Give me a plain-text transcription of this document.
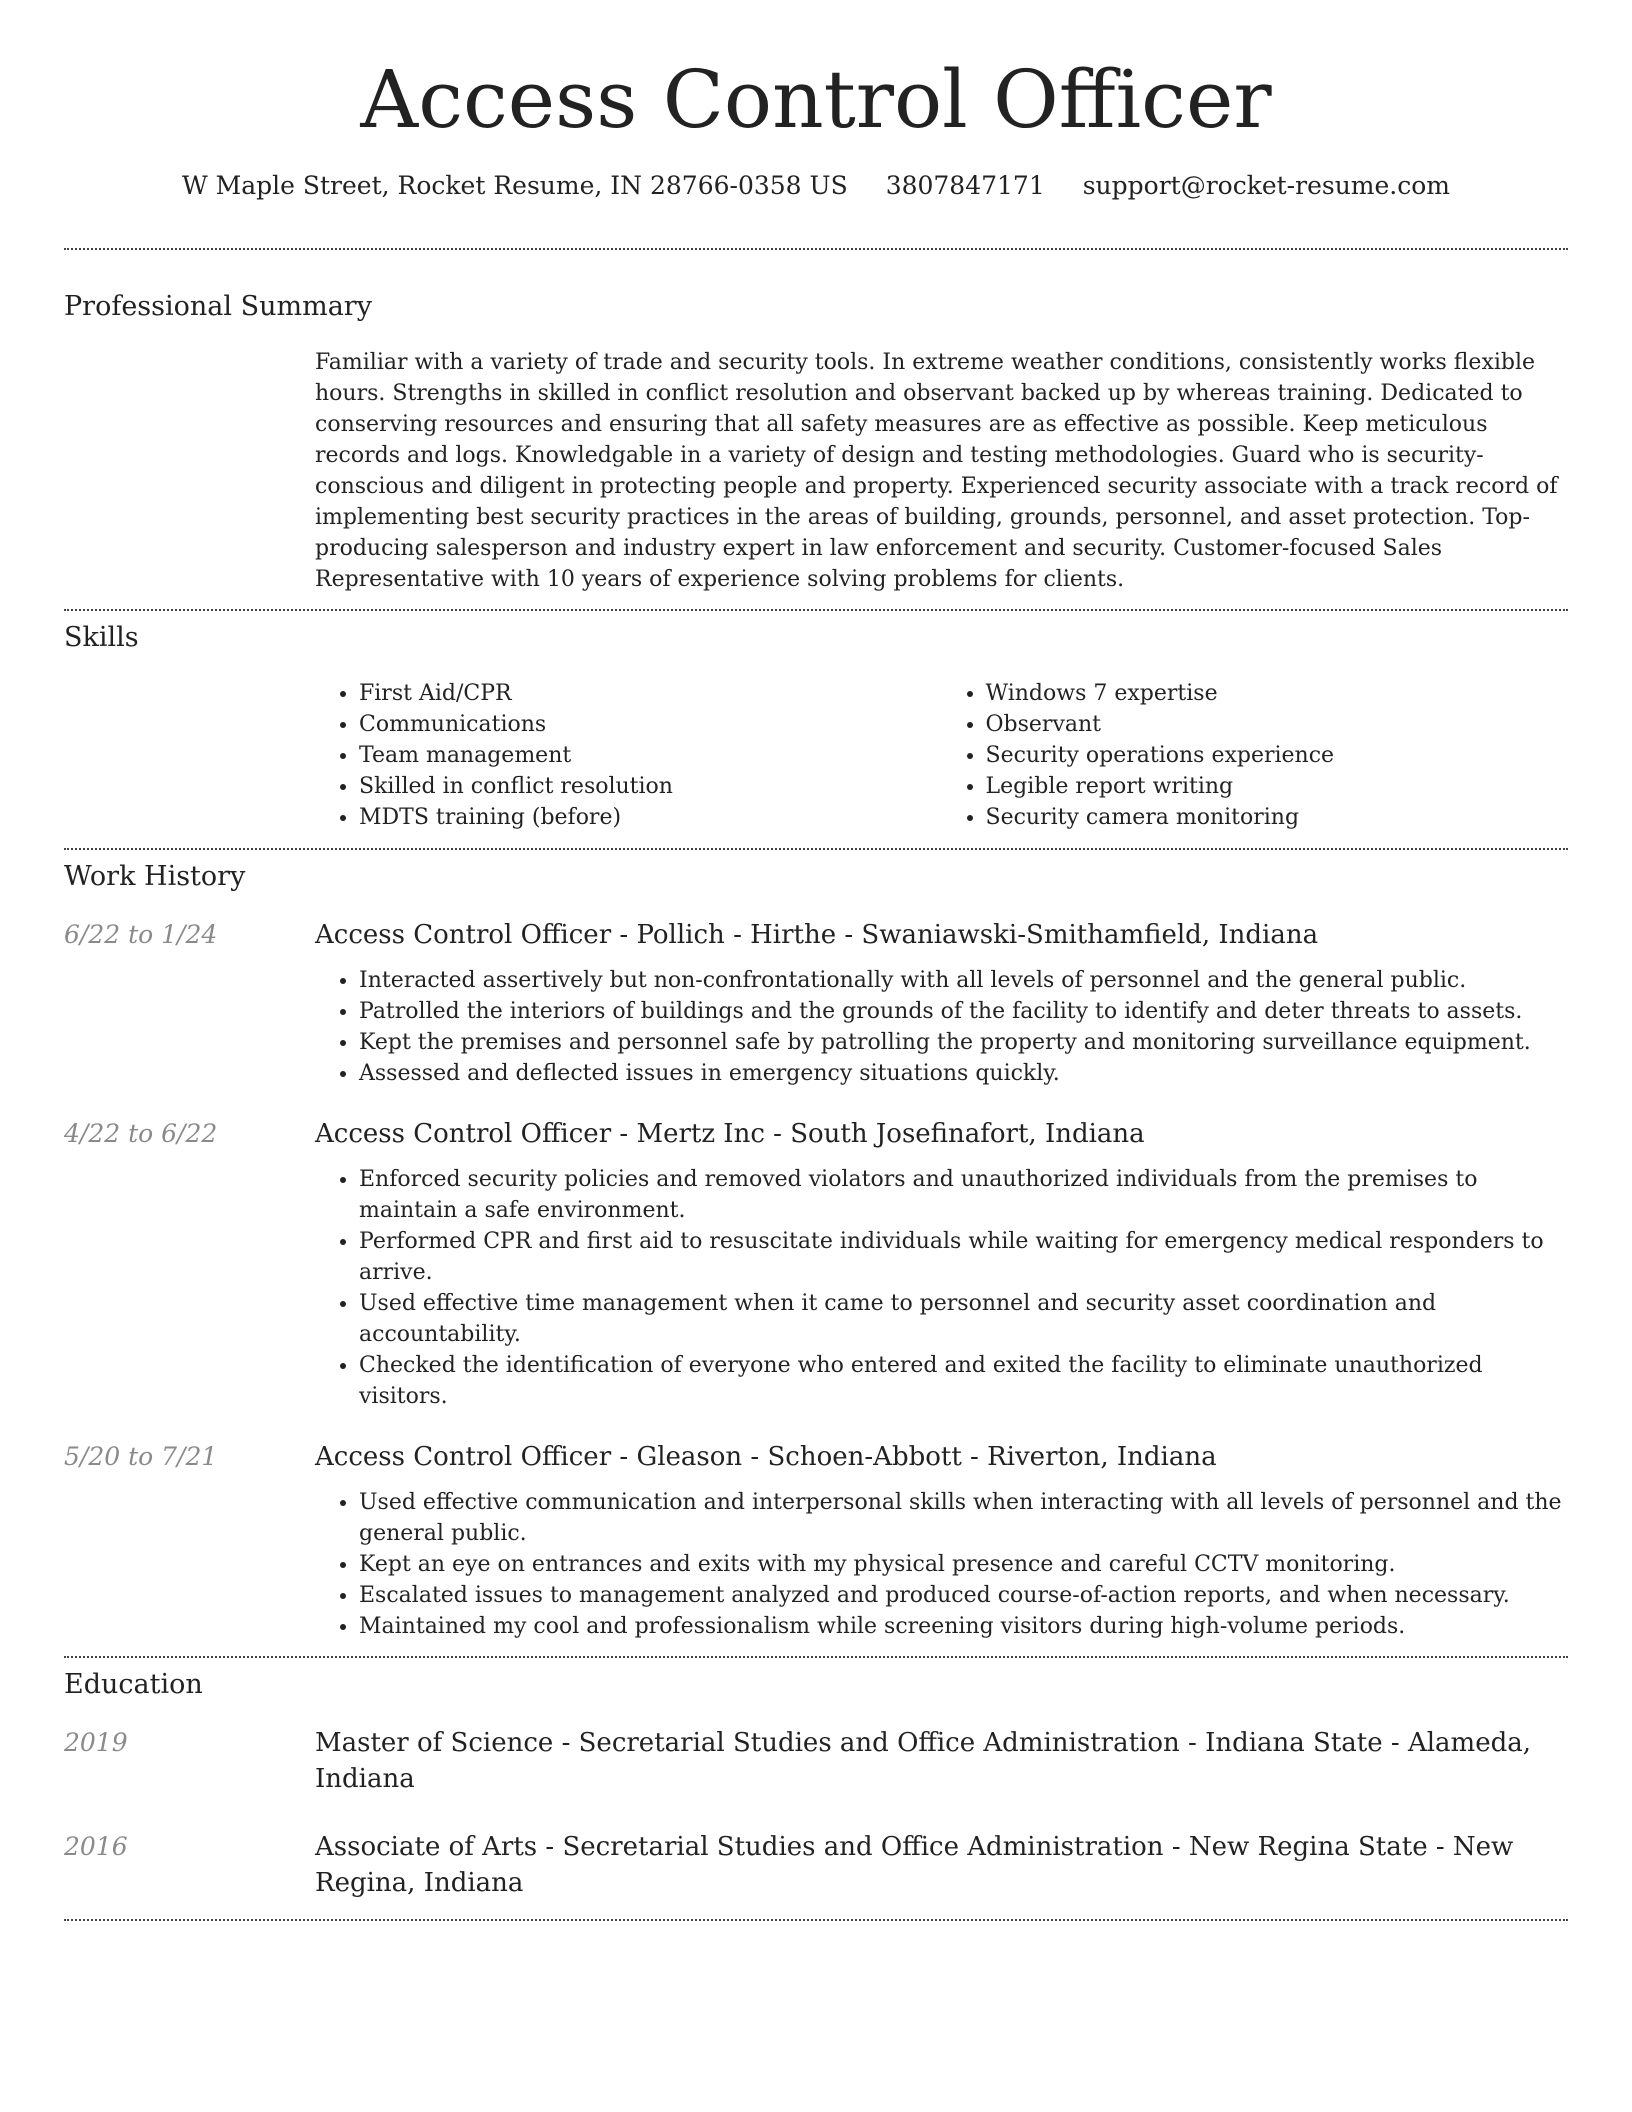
Access Control Officer
W Maple Street, Rocket Resume, IN 28766-0358 US 3807847171 support@rocket-resume.com
Professional Summary
Familiar with a variety of trade and security tools. In extreme weather conditions, consistently works flexible hours. Strengths in skilled in conflict resolution and observant backed up by whereas training. Dedicated to conserving resources and ensuring that all safety measures are as effective as possible. Keep meticulous records and logs. Knowledgable in a variety of design and testing methodologies. Guard who is security-conscious and diligent in protecting people and property. Experienced security associate with a track record of implementing best security practices in the areas of building, grounds, personnel, and asset protection. Top-producing salesperson and industry expert in law enforcement and security. Customer-focused Sales Representative with 10 years of experience solving problems for clients.
Skills
• First Aid/CPR
• Communications
• Team management
• Skilled in conflict resolution
• MDTS training (before)
• Windows 7 expertise
• Observant
• Security operations experience
• Legible report writing
• Security camera monitoring
Work History
6/22 to 1/24	Access Control Officer - Pollich - Hirthe - Swaniawski-Smithamfield, Indiana
• Interacted assertively but non-confrontationally with all levels of personnel and the general public.
• Patrolled the interiors of buildings and the grounds of the facility to identify and deter threats to assets.
• Kept the premises and personnel safe by patrolling the property and monitoring surveillance equipment.
• Assessed and deflected issues in emergency situations quickly.
4/22 to 6/22	Access Control Officer - Mertz Inc - South Josefinafort, Indiana
• Enforced security policies and removed violators and unauthorized individuals from the premises to maintain a safe environment.
• Performed CPR and first aid to resuscitate individuals while waiting for emergency medical responders to arrive.
• Used effective time management when it came to personnel and security asset coordination and accountability.
• Checked the identification of everyone who entered and exited the facility to eliminate unauthorized visitors.
5/20 to 7/21	Access Control Officer - Gleason - Schoen-Abbott - Riverton, Indiana
• Used effective communication and interpersonal skills when interacting with all levels of personnel and the general public.
• Kept an eye on entrances and exits with my physical presence and careful CCTV monitoring.
• Escalated issues to management analyzed and produced course-of-action reports, and when necessary.
• Maintained my cool and professionalism while screening visitors during high-volume periods.
Education
2019	Master of Science - Secretarial Studies and Office Administration - Indiana State - Alameda, Indiana
2016	Associate of Arts - Secretarial Studies and Office Administration - New Regina State - New Regina, Indiana
